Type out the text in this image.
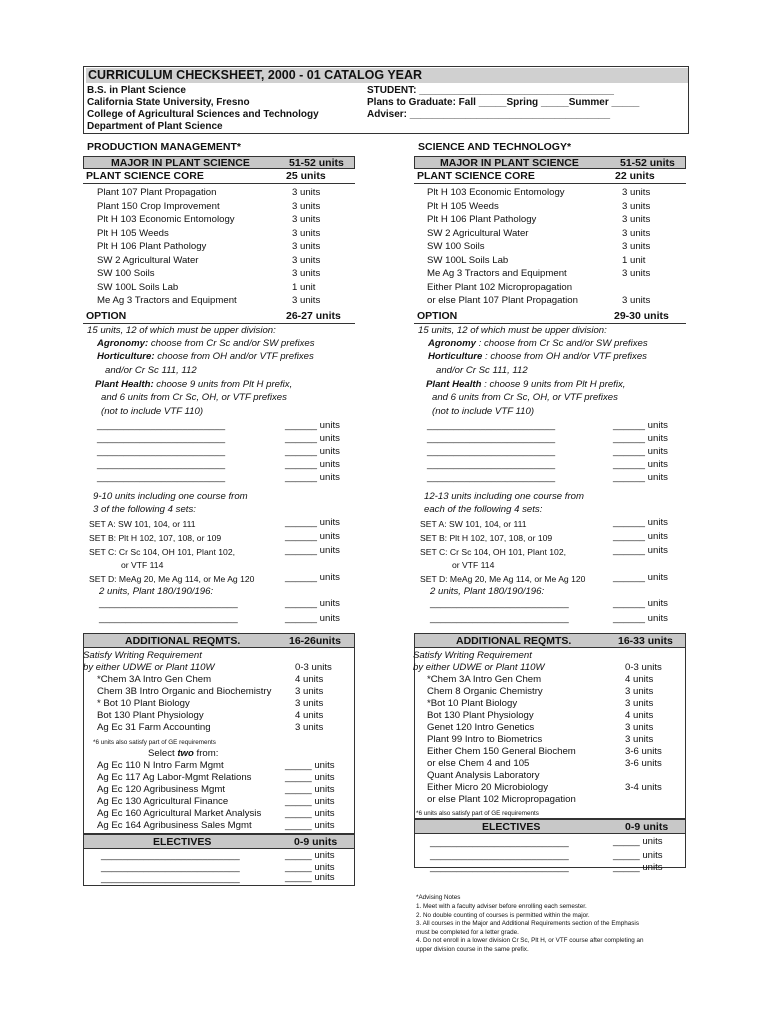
CURRICULUM CHECKSHEET, 2000 - 01 CATALOG YEAR
B.S. in Plant Science
California State University, Fresno
College of Agricultural Sciences and Technology
Department of Plant Science
STUDENT: ___________________________________
Plans to Graduate: Fall _____Spring _____Summer _____
Adviser: ____________________________________
PRODUCTION MANAGEMENT*
MAJOR IN PLANT SCIENCE	51-52 units
PLANT SCIENCE CORE	25 units
Plant 107 Plant Propagation	3 units
Plant 150 Crop Improvement	3 units
Plt H 103 Economic Entomology	3 units
Plt H 105 Weeds	3 units
Plt H 106 Plant Pathology	3 units
SW 2 Agricultural Water	3 units
SW 100 Soils	3 units
SW 100L Soils Lab	1 unit
Me Ag 3 Tractors and Equipment	3 units
OPTION	26-27 units
15 units, 12 of which must be upper division:
Agronomy: choose from Cr Sc and/or SW prefixes
Horticulture: choose from OH and/or VTF prefixes
and/or Cr Sc 111, 112
Plant Health: choose 9 units from Plt H prefix,
and 6 units from Cr Sc, OH, or VTF prefixes
(not to include VTF 110)
________________________	______ units
________________________	______ units
________________________	______ units
________________________	______ units
________________________	______ units
9-10 units including one course from
3 of the following 4 sets:
SET A: SW 101, 104, or 111	______ units
SET B: Plt H 102, 107, 108, or 109	______ units
SET C: Cr Sc 104, OH 101, Plant 102,	______ units
or VTF 114
SET D: MeAg 20, Me Ag 114, or Me Ag 120	______ units
2 units, Plant 180/190/196:
__________________________	______ units
__________________________	______ units
ADDITIONAL REQMTS.	16-26units
Satisfy Writing Requirement
by either UDWE or Plant 110W	0-3 units
*Chem 3A Intro Gen Chem	4 units
Chem 3B Intro Organic and Biochemistry 3 units
* Bot 10 Plant Biology	3 units
Bot 130 Plant Physiology	4 units
Ag Ec 31 Farm Accounting	3 units
*6 units also satisfy part of GE requirements
Select two from:
Ag Ec 110 N Intro Farm Mgmt	_____ units
Ag Ec 117 Ag Labor-Mgmt Relations	_____ units
Ag Ec 120 Agribusiness Mgmt	_____ units
Ag Ec 130 Agricultural Finance	_____ units
Ag Ec 160 Agricultural Market Analysis _____ units
Ag Ec 164 Agribusiness Sales Mgmt	_____ units
ELECTIVES	0-9 units
__________________________	_____ units
__________________________	_____ units
__________________________	_____ units
SCIENCE AND TECHNOLOGY*
MAJOR IN PLANT SCIENCE	51-52 units
PLANT SCIENCE CORE	22 units
Plt H 103 Economic Entomology	3 units
Plt H 105 Weeds	3 units
Plt H 106 Plant Pathology	3 units
SW 2 Agricultural Water	3 units
SW 100 Soils	3 units
SW 100L Soils Lab	1 unit
Me Ag 3 Tractors and Equipment	3 units
Either Plant 102 Micropropagation
or else Plant 107 Plant Propagation	3 units
OPTION	29-30 units
15 units, 12 of which must be upper division:
Agronomy : choose from Cr Sc and/or SW prefixes
Horticulture : choose from OH and/or VTF prefixes
and/or Cr Sc 111, 112
Plant Health : choose 9 units from Plt H prefix,
and 6 units from Cr Sc, OH, or VTF prefixes
(not to include VTF 110)
________________________	______ units
________________________	______ units
________________________	______ units
________________________	______ units
________________________	______ units
12-13 units including one course from
each of the following 4 sets:
SET A: SW 101, 104, or 111	______ units
SET B: Plt H 102, 107, 108, or 109	______ units
SET C: Cr Sc 104, OH 101, Plant 102,	______ units
or VTF 114
SET D: MeAg 20, Me Ag 114, or Me Ag 120	______ units
2 units, Plant 180/190/196:
__________________________	______ units
__________________________	______ units
ADDITIONAL REQMTS.	16-33 units
Satisfy Writing Requirement
by either UDWE or Plant 110W	0-3 units
*Chem 3A Intro Gen Chem	4 units
Chem 8 Organic Chemistry	3 units
*Bot 10 Plant Biology	3 units
Bot 130 Plant Physiology	4 units
Genet 120 Intro Genetics	3 units
Plant 99 Intro to Biometrics	3 units
Either Chem 150 General Biochem	3-6 units
or else Chem 4 and 105	3-6 units
Quant Analysis Laboratory
Either Micro 20 Microbiology	3-4 units
or else Plant 102 Micropropagation
*6 units also satisfy part of GE requirements
ELECTIVES	0-9 units
__________________________	_____ units
__________________________	_____ units
__________________________	_____ units
*Advising Notes
1. Meet with a faculty adviser before enrolling each semester.
2. No double counting of courses is permitted within the major.
3. All courses in the Major and Additional Requirements section of the Emphasis
must be completed for a letter grade.
4. Do not enroll in a lower division Cr Sc, Plt H, or VTF course after completing an
upper division course in the same prefix.
